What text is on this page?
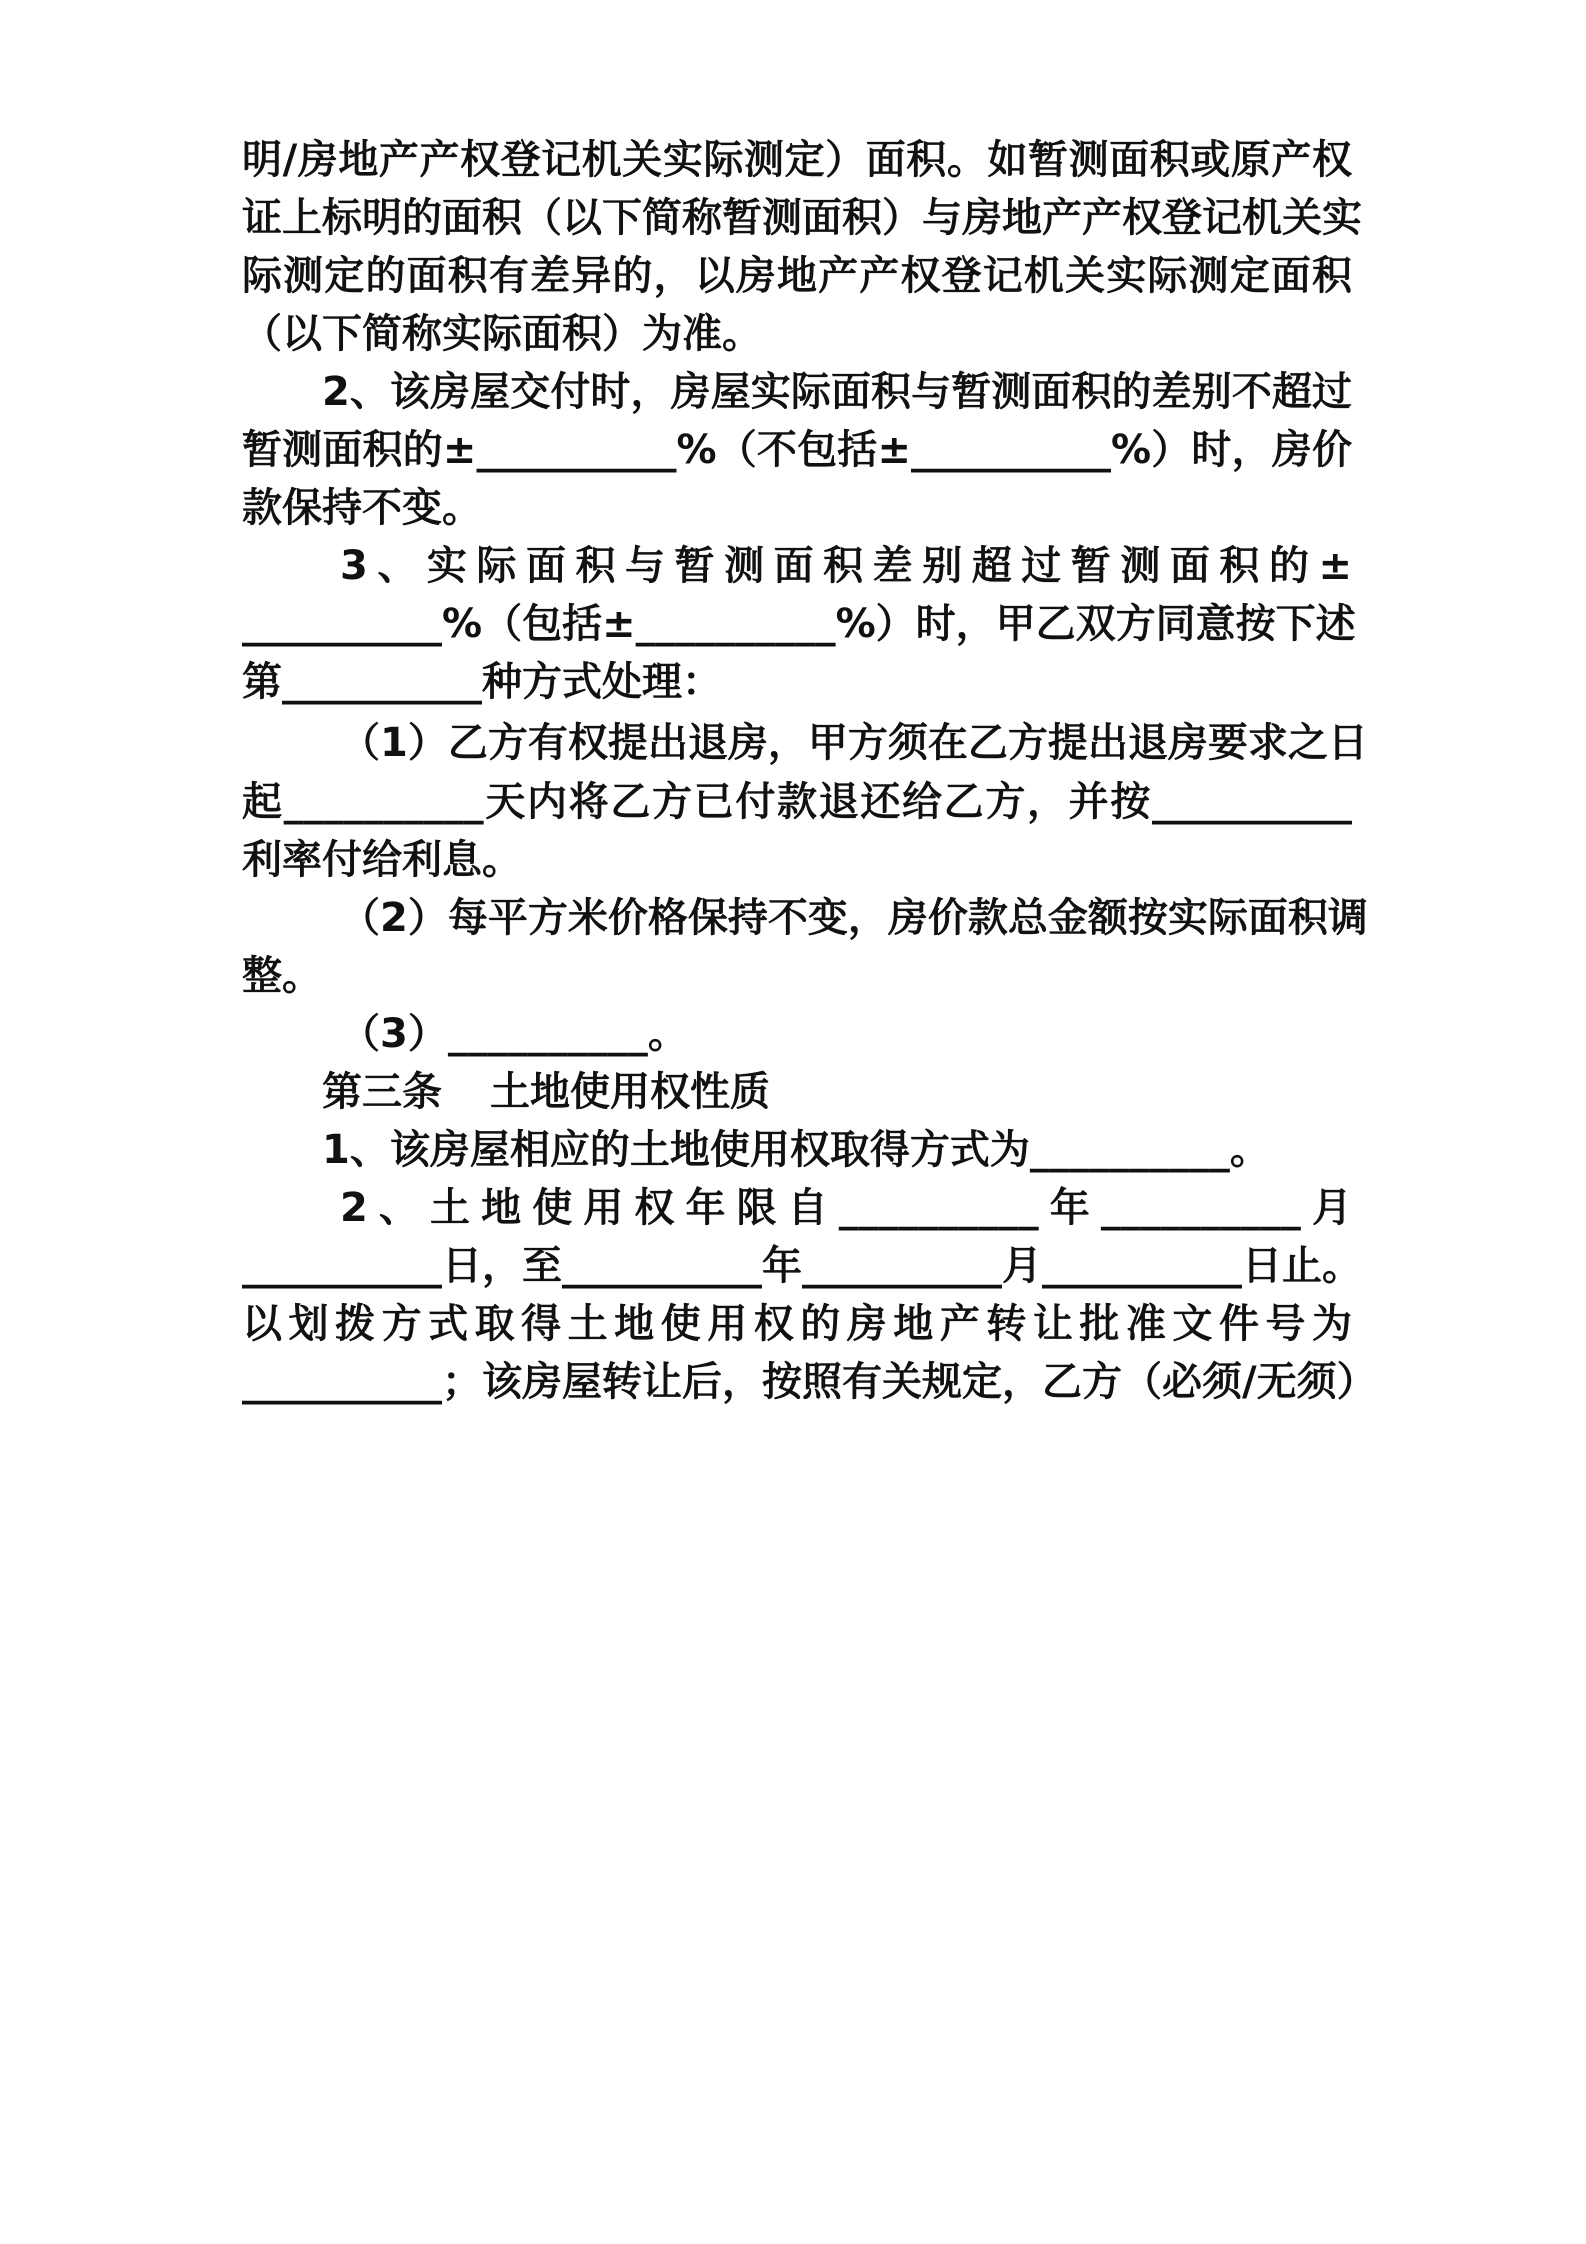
明/房地产产权登记机关实际测定）面积。如暂测面积或原产权
证上标明的面积（以下简称暂测面积）与房地产产权登记机关实
际测定的面积有差异的，以房地产产权登记机关实际测定面积
（以下简称实际面积）为准。
2、该房屋交付时，房屋实际面积与暂测面积的差别不超过
暂测面积的±__________%（不包括±__________%）时，房价
款保持不变。
3、实际面积与暂测面积差别超过暂测面积的±
__________%（包括±__________%）时，甲乙双方同意按下述
第__________种方式处理：
（1）乙方有权提出退房，甲方须在乙方提出退房要求之日
起__________天内将乙方已付款退还给乙方，并按__________
利率付给利息。
（2）每平方米价格保持不变，房价款总金额按实际面积调
整。
（3）__________。
第三条 土地使用权性质
1、该房屋相应的土地使用权取得方式为__________。
2、土地使用权年限自__________年__________月
__________日，至__________年__________月__________日止。
以划拨方式取得土地使用权的房地产转让批准文件号为
__________；该房屋转让后，按照有关规定，乙方（必须/无须）
